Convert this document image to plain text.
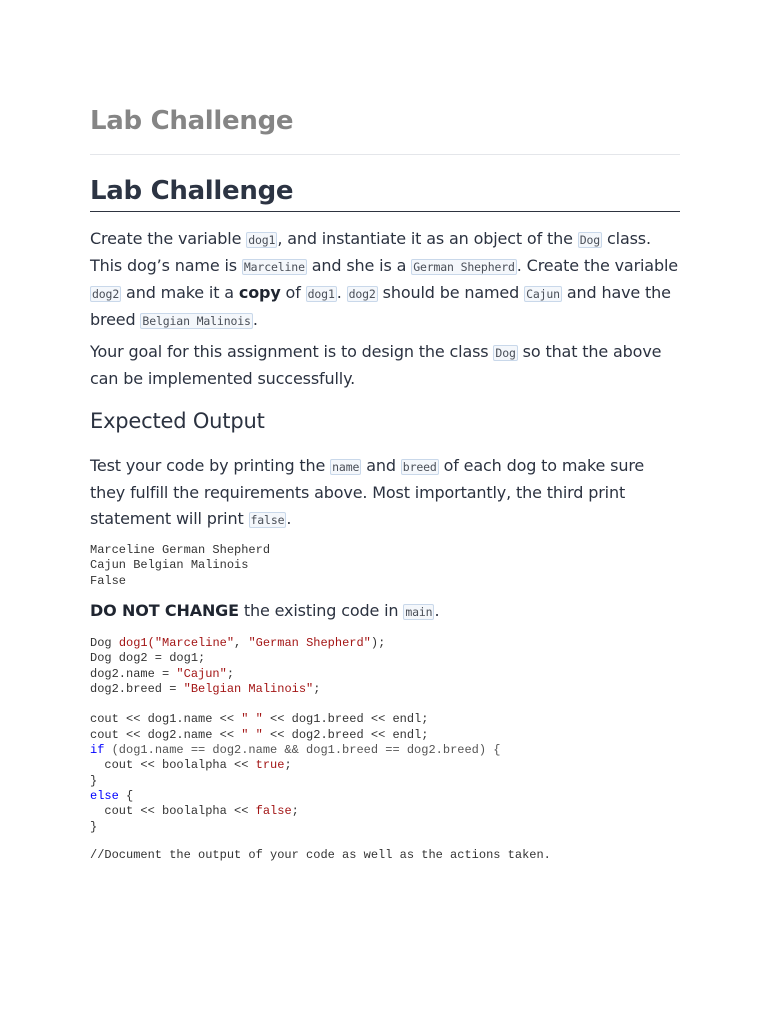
Lab Challenge
Lab Challenge

Create the variable dog1 , and instantiate it as an object of the Dog class. This dog’s name is Marceline and she is a German Shepherd . Create the variable dog2 and make it a copy of dog1 . dog2 should be named Cajun and have the breed Belgian Malinois .

Your goal for this assignment is to design the class Dog so that the above can be implemented successfully.

Expected Output

Test your code by printing the name and breed of each dog to make sure they fulfill the requirements above. Most importantly, the third print statement will print false .

Marceline German Shepherd
Cajun Belgian Malinois
False

DO NOT CHANGE the existing code in main .

Dog dog1("Marceline", "German Shepherd");
Dog dog2 = dog1;
dog2.name = "Cajun";
dog2.breed = "Belgian Malinois";

cout << dog1.name << " " << dog1.breed << endl;
cout << dog2.name << " " << dog2.breed << endl;
if (dog1.name == dog2.name && dog1.breed == dog2.breed) {
cout << boolalpha << true;
}
else {
cout << boolalpha << false;
}
//Document the output of your code as well as the actions taken.
